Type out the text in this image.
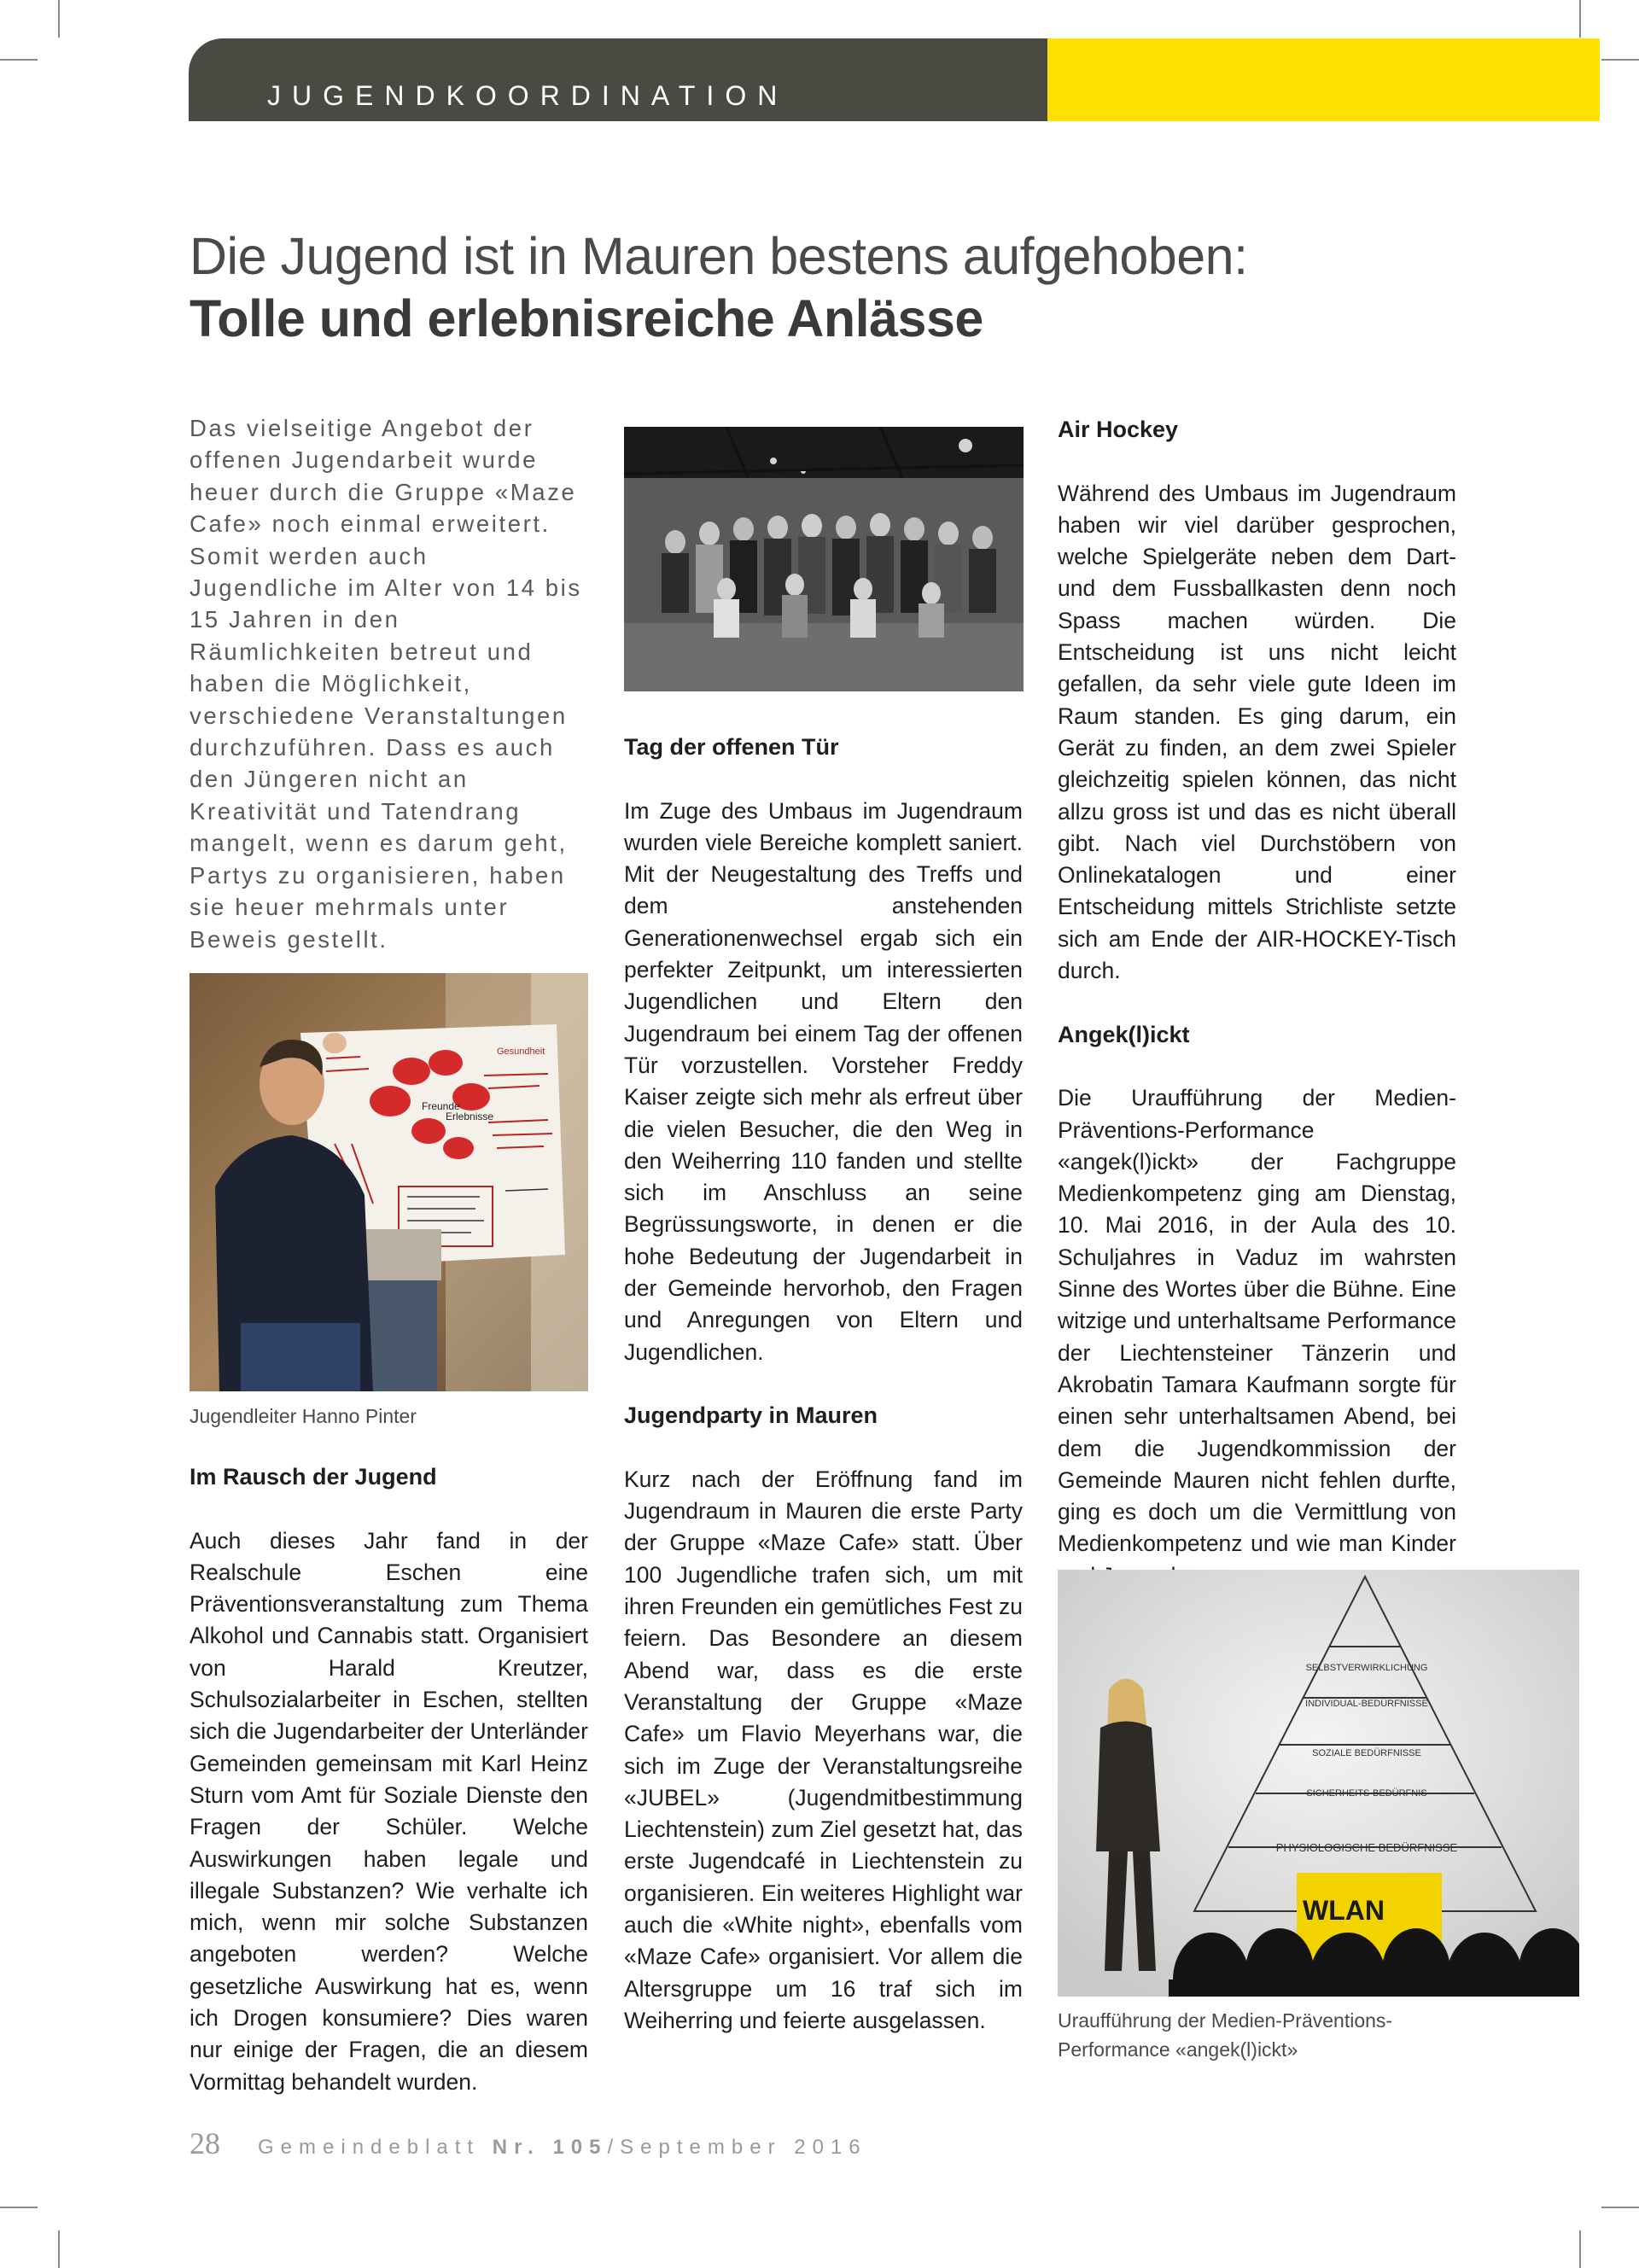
JUGENDKOORDINATION
Die Jugend ist in Mauren bestens aufgehoben:
Tolle und erlebnisreiche Anlässe

Das vielseitige Angebot der offenen Jugendarbeit wurde heuer durch die Gruppe «Maze Cafe» noch einmal erweitert. Somit werden auch Jugendliche im Alter von 14 bis 15 Jahren in den Räumlichkeiten betreut und haben die Möglichkeit, verschiedene Veranstaltungen durchzuführen. Dass es auch den Jüngeren nicht an Kreativität und Tatendrang mangelt, wenn es darum geht, Partys zu organisieren, haben sie heuer mehrmals unter Beweis gestellt.

Freunde
Erlebnisse
Gesundheit
Jugendleiter Hanno Pinter
Im Rausch der Jugend

Auch dieses Jahr fand in der Realschule Eschen eine Präventionsveranstaltung zum Thema Alkohol und Cannabis statt. Organisiert von Harald Kreutzer, Schulsozialarbeiter in Eschen, stellten sich die Jugendarbeiter der Unterländer Gemeinden gemeinsam mit Karl Heinz Sturn vom Amt für Soziale Dienste den Fragen der Schüler. Welche Auswirkungen haben legale und illegale Substanzen? Wie verhalte ich mich, wenn mir solche Substanzen angeboten werden? Welche gesetzliche Auswirkung hat es, wenn ich Drogen konsumiere? Dies waren nur einige der Fragen, die an diesem Vormittag behandelt wurden.

Tag der offenen Tür

Im Zuge des Umbaus im Jugendraum wurden viele Bereiche komplett saniert. Mit der Neugestaltung des Treffs und dem anstehenden Generationenwechsel ergab sich ein perfekter Zeitpunkt, um interessierten Jugendlichen und Eltern den Jugendraum bei einem Tag der offenen Tür vorzustellen. Vorsteher Freddy Kaiser zeigte sich mehr als erfreut über die vielen Besucher, die den Weg in den Weiherring 110 fanden und stellte sich im Anschluss an seine Begrüssungsworte, in denen er die hohe Bedeutung der Jugendarbeit in der Gemeinde hervorhob, den Fragen und Anregungen von Eltern und Jugendlichen.

Jugendparty in Mauren

Kurz nach der Eröffnung fand im Jugendraum in Mauren die erste Party der Gruppe «Maze Cafe» statt. Über 100 Jugendliche trafen sich, um mit ihren Freunden ein gemütliches Fest zu feiern. Das Besondere an diesem Abend war, dass es die erste Veranstaltung der Gruppe «Maze Cafe» um Flavio Meyerhans war, die sich im Zuge der Veranstaltungsreihe «JUBEL» (Jugendmitbestimmung Liechtenstein) zum Ziel gesetzt hat, das erste Jugendcafé in Liechtenstein zu organisieren. Ein weiteres Highlight war auch die «White night», ebenfalls vom «Maze Cafe» organisiert. Vor allem die Altersgruppe um 16 traf sich im Weiherring und feierte ausgelassen.

Air Hockey

Während des Umbaus im Jugendraum haben wir viel darüber gesprochen, welche Spielgeräte neben dem Dart- und dem Fussballkasten denn noch Spass machen würden. Die Entscheidung ist uns nicht leicht gefallen, da sehr viele gute Ideen im Raum standen. Es ging darum, ein Gerät zu finden, an dem zwei Spieler gleichzeitig spielen können, das nicht allzu gross ist und das es nicht überall gibt. Nach viel Durchstöbern von Onlinekatalogen und einer Entscheidung mittels Strichliste setzte sich am Ende der AIR-HOCKEY-Tisch durch.

Angek(l)ickt

Die Uraufführung der Medien-Präventions-Performance «angek(l)ickt» der Fachgruppe Medienkompetenz ging am Dienstag, 10. Mai 2016, in der Aula des 10. Schuljahres in Vaduz im wahrsten Sinne des Wortes über die Bühne. Eine witzige und unterhaltsame Performance der Liechtensteiner Tänzerin und Akrobatin Tamara Kaufmann sorgte für einen sehr unterhaltsamen Abend, bei dem die Jugendkommission der Gemeinde Mauren nicht fehlen durfte, ging es doch um die Vermittlung von Medienkompetenz und wie man Kinder

SELBSTVERWIRKLICHUNG
INDIVIDUAL-BEDÜRFNISSE
SOZIALE BEDÜRFNISSE
SICHERHEITS-BEDÜRFNIS
PHYSIOLOGISCHE BEDÜRFNISSE
WLAN
Uraufführung der Medien-Präventions-
Performance «angek(l)ickt»
28 Gemeindeblatt Nr. 105/September 2016
